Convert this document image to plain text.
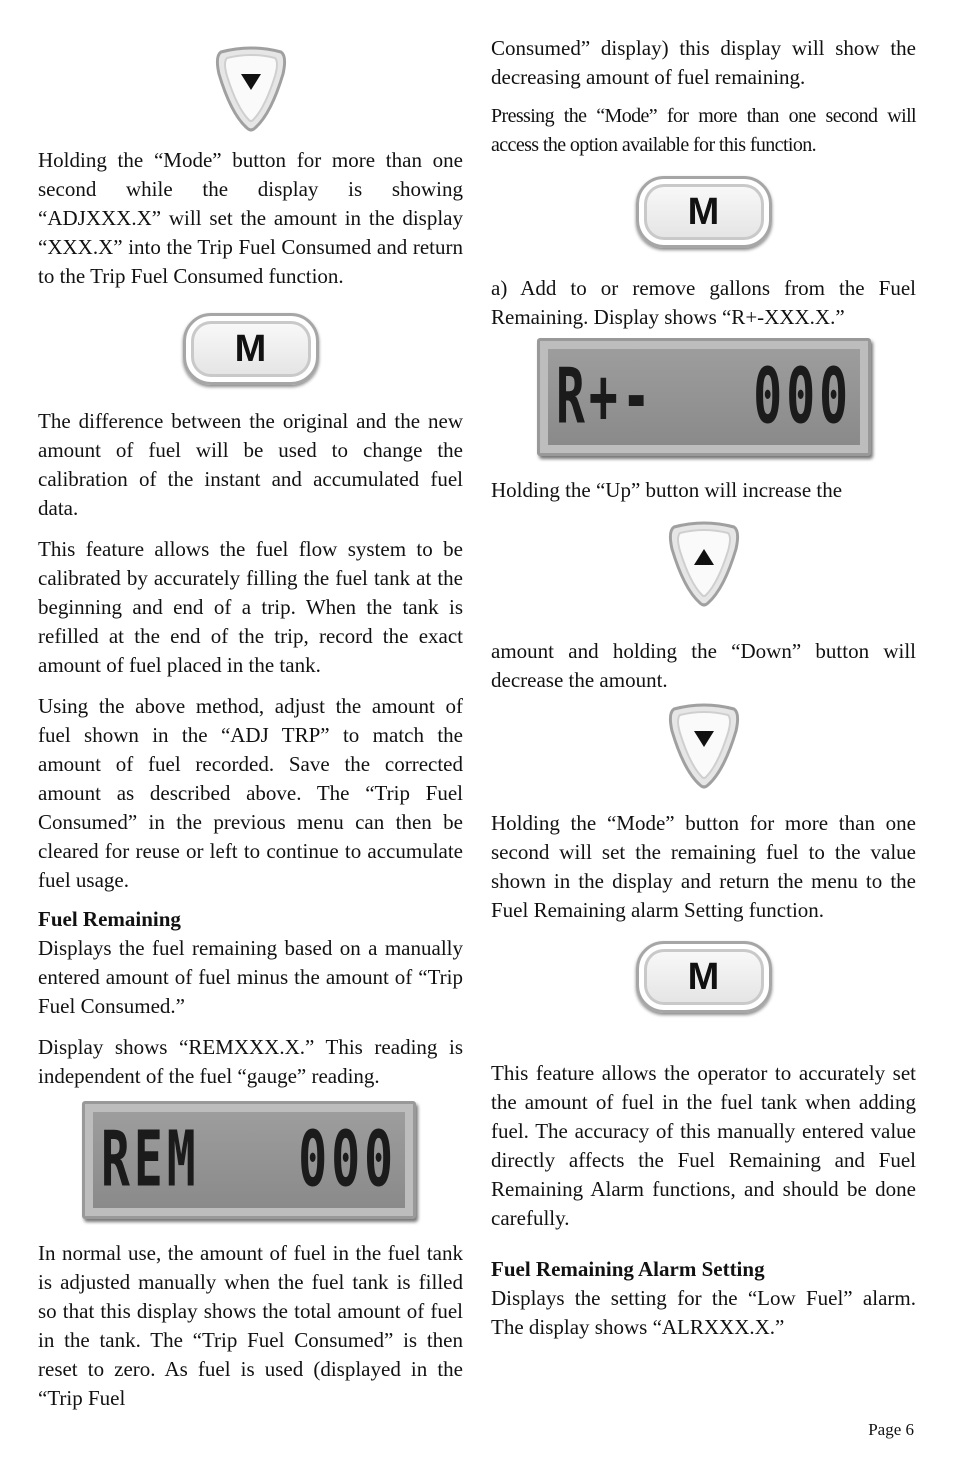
Holding the “Mode” button for more than one second while the display is showing “ADJXXX.X” will set the amount in the display “XXX.X” into the Trip Fuel Consumed and return to the Trip Fuel Consumed function.

M

The difference between the original and the new amount of fuel will be used to change the calibration of the instant and accumulated fuel data.

This feature allows the fuel flow system to be calibrated by accurately filling the fuel tank at the beginning and end of a trip. When the tank is refilled at the end of the trip, record the exact amount of fuel placed in the tank.

Using the above method, adjust the amount of fuel shown in the “ADJ TRP” to match the amount of fuel recorded. Save the corrected amount as described above. The “Trip Fuel Consumed” in the previous menu can then be cleared for reuse or left to continue to accumulate fuel usage.

Fuel Remaining

Displays the fuel remaining based on a manually entered amount of fuel minus the amount of “Trip Fuel Consumed.”

Display shows “REMXXX.X.” This reading is independent of the fuel “gauge” reading.

REM 000

In normal use, the amount of fuel in the fuel tank is adjusted manually when the fuel tank is filled so that this display shows the total amount of fuel in the tank. The “Trip Fuel Consumed” is then reset to zero. As fuel is used (displayed in the “Trip Fuel

Consumed” display) this display will show the decreasing amount of fuel remaining.

Pressing the “Mode” for more than one second will access the option available for this function.

M

a) Add to or remove gallons from the Fuel Remaining. Display shows “R+-XXX.X.”

R+- 000

Holding the “Up” button will increase the

amount and holding the “Down” button will decrease the amount.

Holding the “Mode” button for more than one second will set the remaining fuel to the value shown in the display and return the menu to the Fuel Remaining alarm Setting function.

M

This feature allows the operator to accurately set the amount of fuel in the fuel tank when adding fuel. The accuracy of this manually entered value directly affects the Fuel Remaining and Fuel Remaining Alarm functions, and should be done carefully.

Fuel Remaining Alarm Setting

Displays the setting for the “Low Fuel” alarm. The display shows “ALRXXX.X.”

Page 6
